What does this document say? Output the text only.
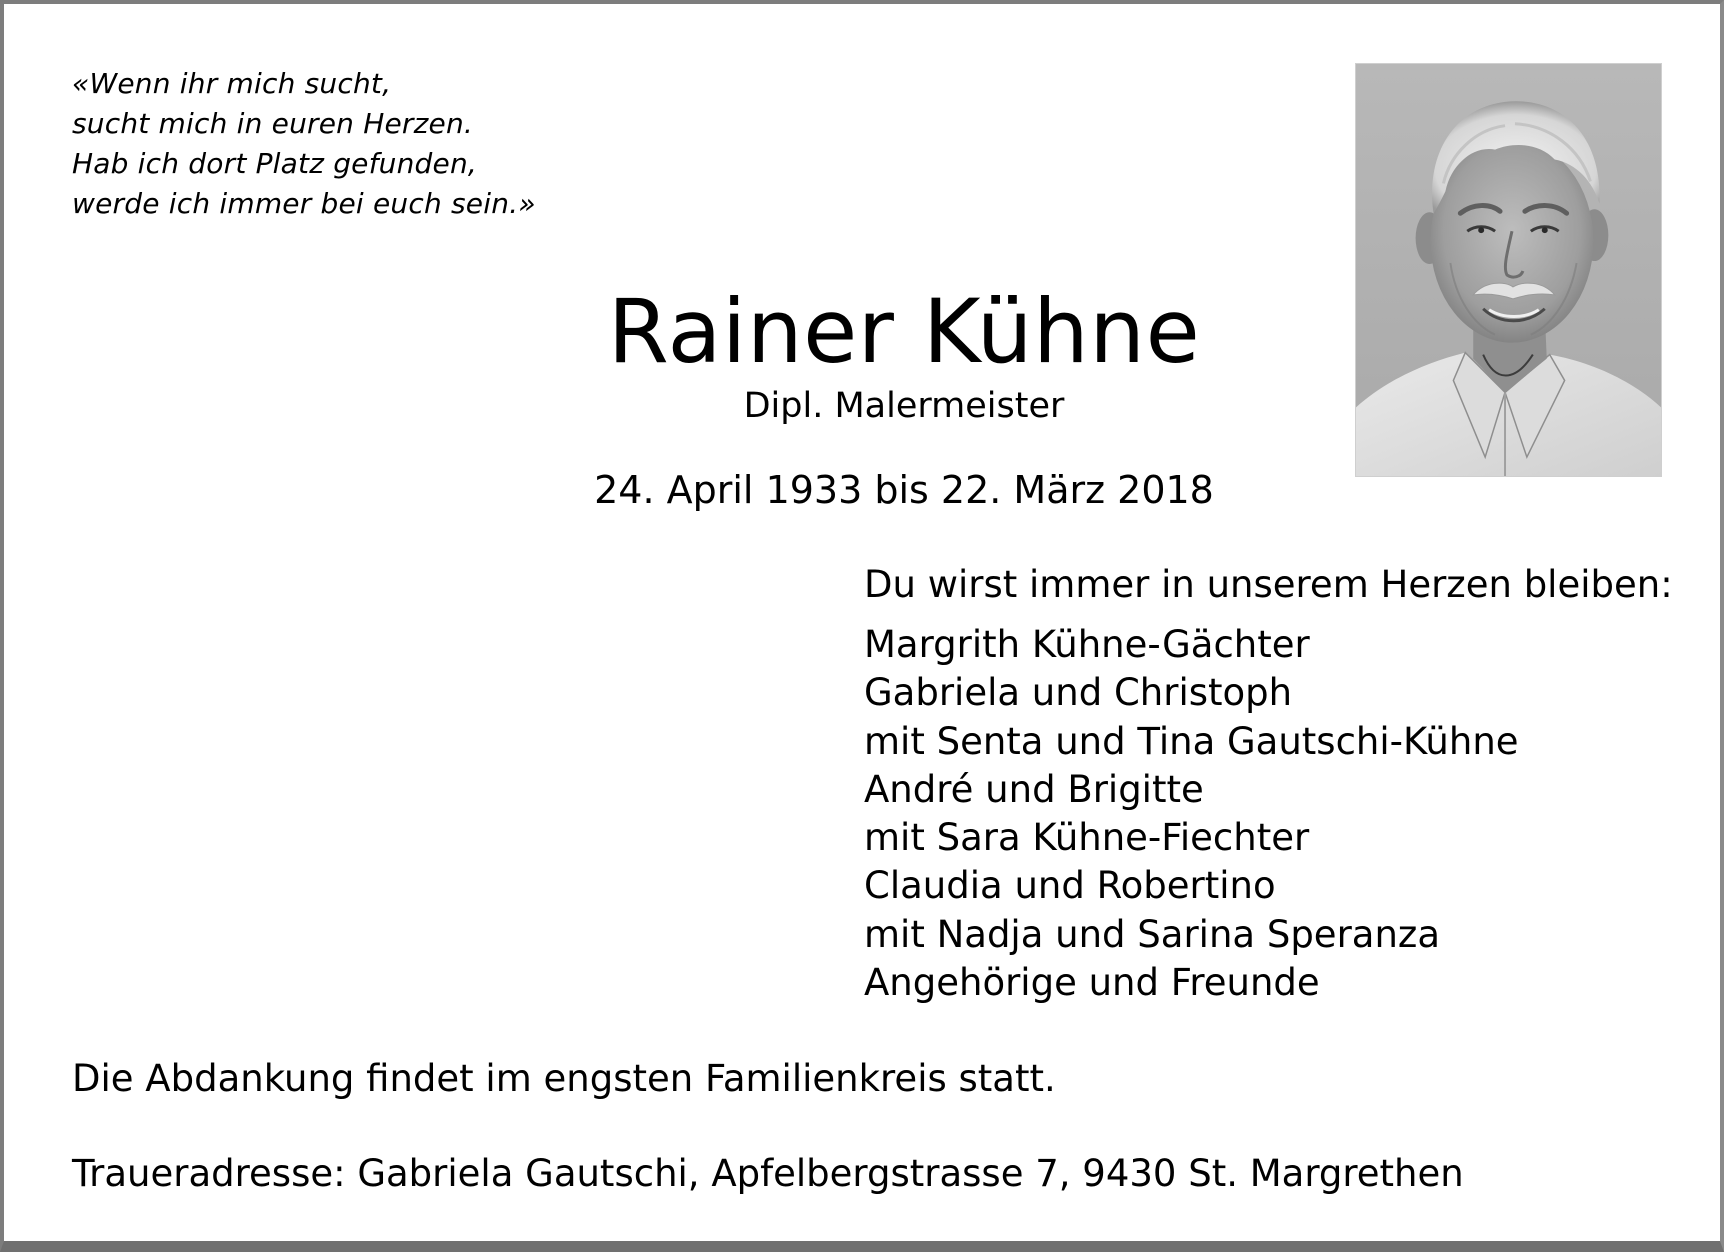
«Wenn ihr mich sucht,
sucht mich in euren Herzen.
Hab ich dort Platz gefunden,
werde ich immer bei euch sein.»
Rainer Kühne
Dipl. Malermeister
24. April 1933 bis 22. März 2018
Du wirst immer in unserem Herzen bleiben:
Margrith Kühne-Gächter
Gabriela und Christoph
mit Senta und Tina Gautschi-Kühne
André und Brigitte
mit Sara Kühne-Fiechter
Claudia und Robertino
mit Nadja und Sarina Speranza
Angehörige und Freunde
Die Abdankung findet im engsten Familienkreis statt.
Traueradresse: Gabriela Gautschi, Apfelbergstrasse 7, 9430 St. Margrethen
